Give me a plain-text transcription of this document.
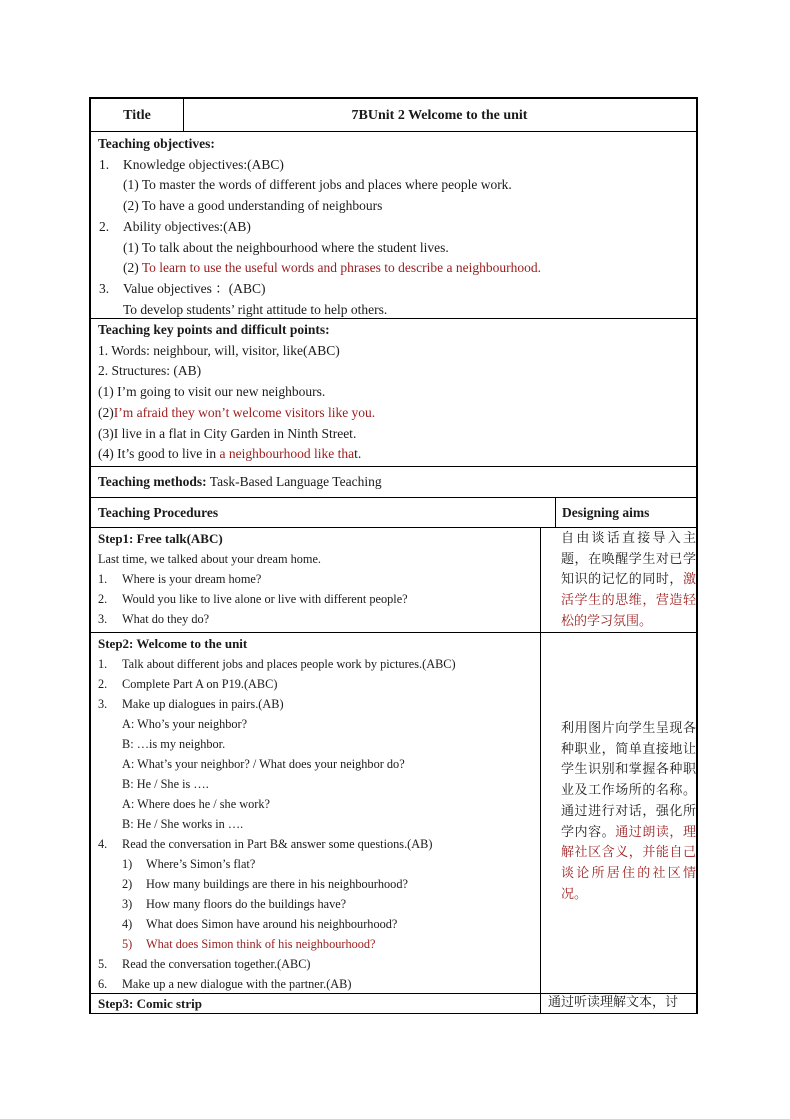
Title	7BUnit 2 Welcome to the unit
Teaching objectives:
1.	Knowledge objectives:(ABC)
(1) To master the words of different jobs and places where people work.
(2) To have a good understanding of neighbours
2.	Ability objectives:(AB)
(1) To talk about the neighbourhood where the student lives.
(2) To learn to use the useful words and phrases to describe a neighbourhood.
3.	Value objectives ：(ABC)
To develop students’ right attitude to help others.
Teaching key points and difficult points:
1. Words: neighbour, will, visitor, like(ABC)
2. Structures: (AB)
(1) I’m going to visit our new neighbours.
(2)I’m afraid they won’t welcome visitors like you.
(3)I live in a flat in City Garden in Ninth Street.
(4) It’s good to live in a neighbourhood like that.
Teaching methods: Task-Based Language Teaching
Teaching Procedures	Designing aims
Step1: Free talk(ABC)
Last time, we talked about your dream home.
1.	Where is your dream home?
2.	Would you like to live alone or live with different people?
3.	What do they do?
自由谈话直接导入主题，在唤醒学生对已学知识的记忆的同时，激活学生的思维，营造轻松的学习氛围。
Step2: Welcome to the unit
1.	Talk about different jobs and places people work by pictures.(ABC)
2.	Complete Part A on P19.(ABC)
3.	Make up dialogues in pairs.(AB)
A: Who’s your neighbor?
B: …is my neighbor.
A: What’s your neighbor? / What does your neighbor do?
B: He / She is ….
A: Where does he / she work?
B: He / She works in ….
4.	Read the conversation in Part B& answer some questions.(AB)
1)	Where’s Simon’s flat?
2)	How many buildings are there in his neighbourhood?
3)	How many floors do the buildings have?
4)	What does Simon have around his neighbourhood?
5)	What does Simon think of his neighbourhood?
5.	Read the conversation together.(ABC)
6.	Make up a new dialogue with the partner.(AB)
利用图片向学生呈现各种职业，简单直接地让学生识别和掌握各种职业及工作场所的名称。通过进行对话，强化所学内容。通过朗读，理解社区含义，并能自己谈论所居住的社区情况。
Step3: Comic strip	通过听读理解文本，讨
